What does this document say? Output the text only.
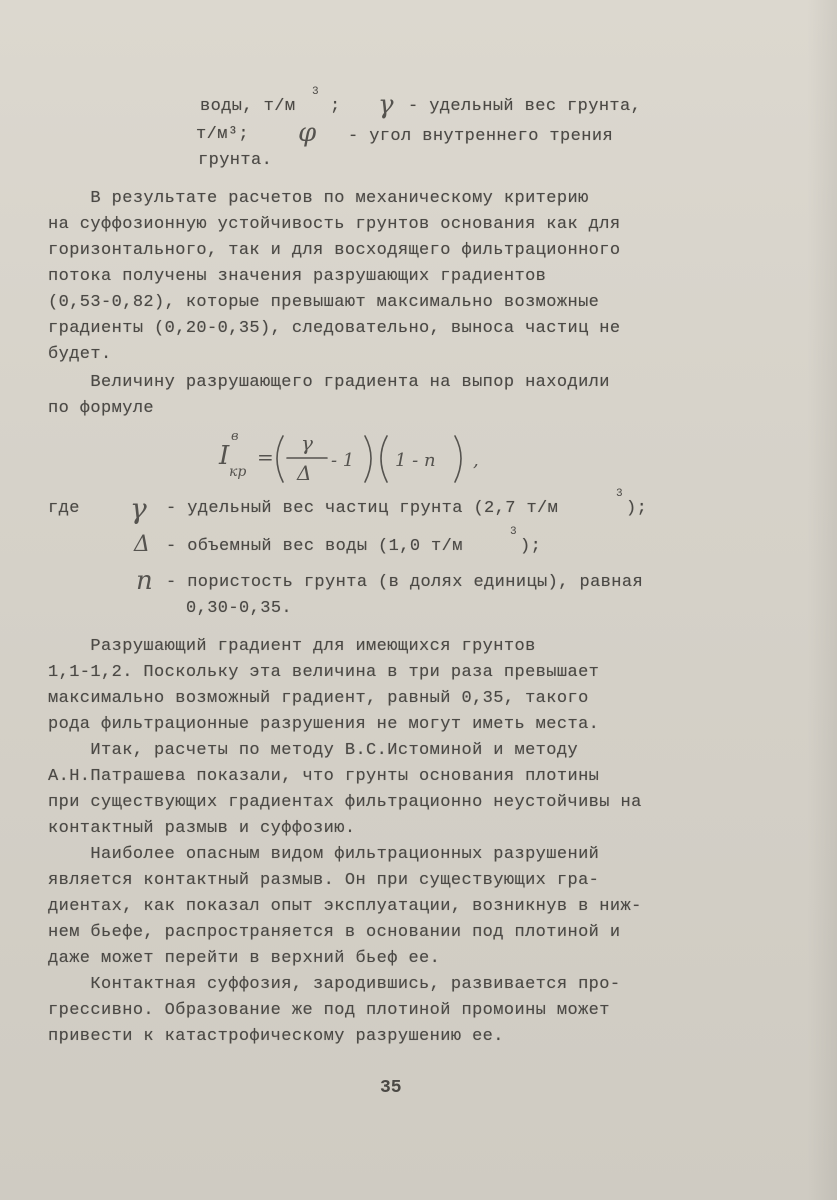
воды, т/м
3
; γ - удельный вес грунта,
т/м³; φ - угол внутреннего трения
грунта.
В результате расчетов по механическому критерию
на суффозионную устойчивость грунтов основания как для
горизонтального, так и для восходящего фильтрационного
потока получены значения разрушающих градиентов
(0,53-0,82), которые превышают максимально возможные
градиенты (0,20-0,35), следовательно, выноса частиц не
будет.
Величину разрушающего градиента на выпор находили
по формуле
I
в
кр
=
γ
Δ
- 1 1 - n ,
где γ - удельный вес частиц грунта (2,7 т/м
3
);
Δ - объемный вес воды (1,0 т/м
3
);
n - пористость грунта (в долях единицы), равная
0,30-0,35.
Разрушающий градиент для имеющихся грунтов
1,1-1,2. Поскольку эта величина в три раза превышает
максимально возможный градиент, равный 0,35, такого
рода фильтрационные разрушения не могут иметь места.
Итак, расчеты по методу В.С.Истоминой и методу
А.Н.Патрашева показали, что грунты основания плотины
при существующих градиентах фильтрационно неустойчивы на
контактный размыв и суффозию.
Наиболее опасным видом фильтрационных разрушений
является контактный размыв. Он при существующих гра-
диентах, как показал опыт эксплуатации, возникнув в ниж-
нем бьефе, распространяется в основании под плотиной и
даже может перейти в верхний бьеф ее.
Контактная суффозия, зародившись, развивается про-
грессивно. Образование же под плотиной промоины может
привести к катастрофическому разрушению ее.
35
